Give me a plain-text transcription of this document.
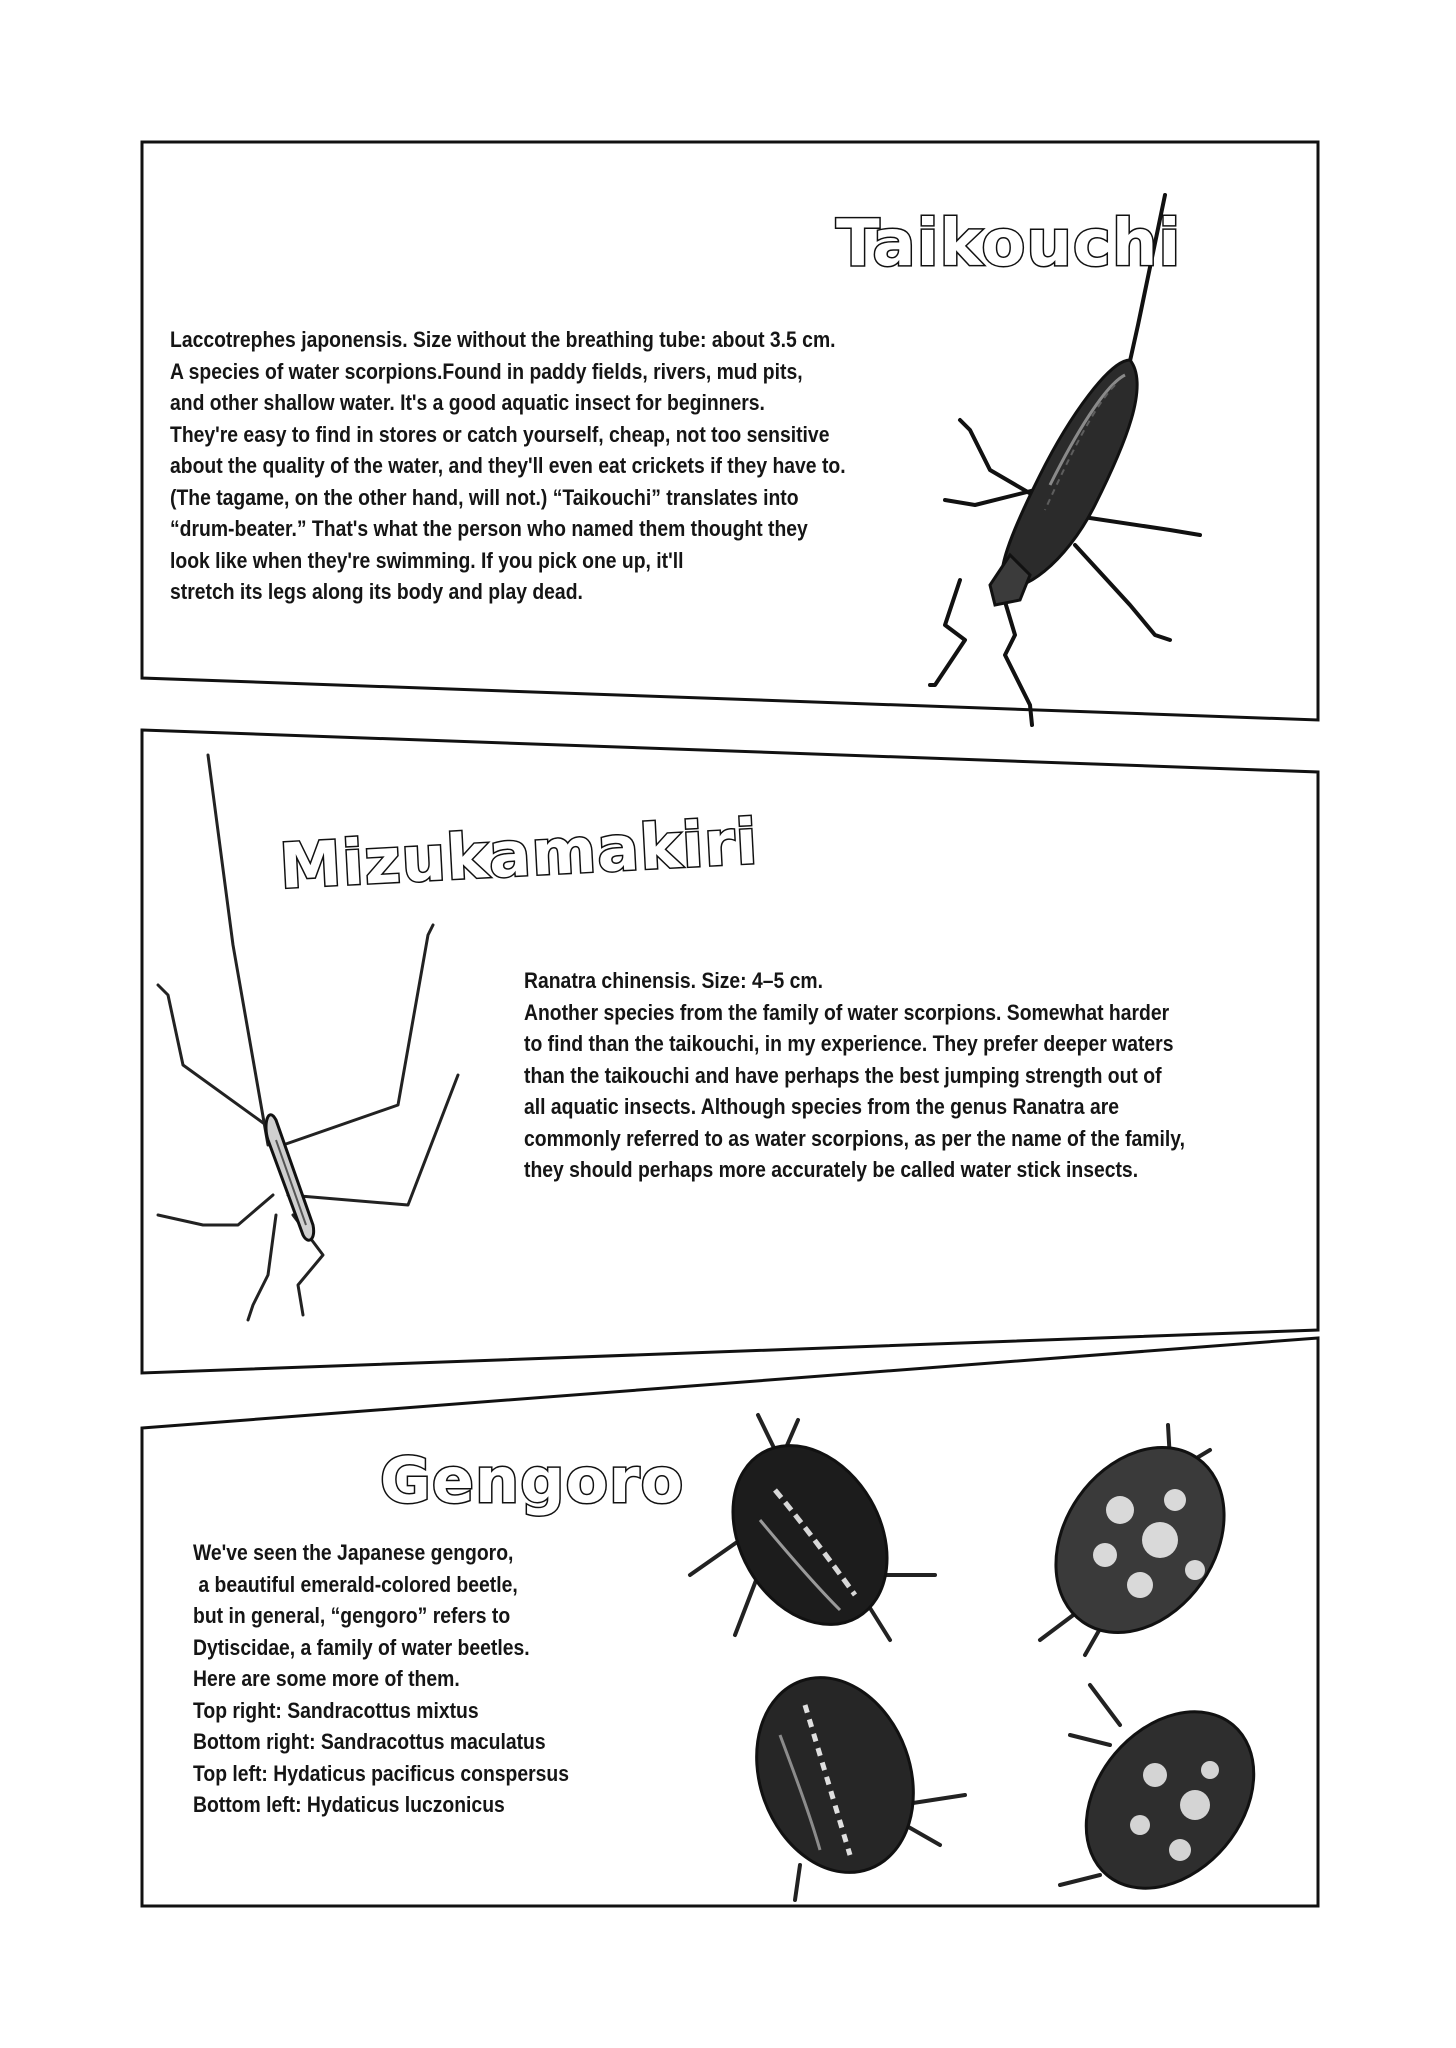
Taikouchi
Laccotrephes japonensis. Size without the breathing tube: about 3.5 cm.
A species of water scorpions.Found in paddy fields, rivers, mud pits,
and other shallow water. It's a good aquatic insect for beginners.
They're easy to find in stores or catch yourself, cheap, not too sensitive
about the quality of the water, and they'll even eat crickets if they have to.
(The tagame, on the other hand, will not.) “Taikouchi” translates into
“drum-beater.” That's what the person who named them thought they
look like when they're swimming. If you pick one up, it'll
stretch its legs along its body and play dead.
Mizukamakiri
Ranatra chinensis. Size: 4–5 cm.
Another species from the family of water scorpions. Somewhat harder
to find than the taikouchi, in my experience. They prefer deeper waters
than the taikouchi and have perhaps the best jumping strength out of
all aquatic insects. Although species from the genus Ranatra are
commonly referred to as water scorpions, as per the name of the family,
they should perhaps more accurately be called water stick insects.
Gengoro
We've seen the Japanese gengoro,
a beautiful emerald-colored beetle,
but in general, “gengoro” refers to
Dytiscidae, a family of water beetles.
Here are some more of them.
Top right: Sandracottus mixtus
Bottom right: Sandracottus maculatus
Top left: Hydaticus pacificus conspersus
Bottom left: Hydaticus luczonicus
